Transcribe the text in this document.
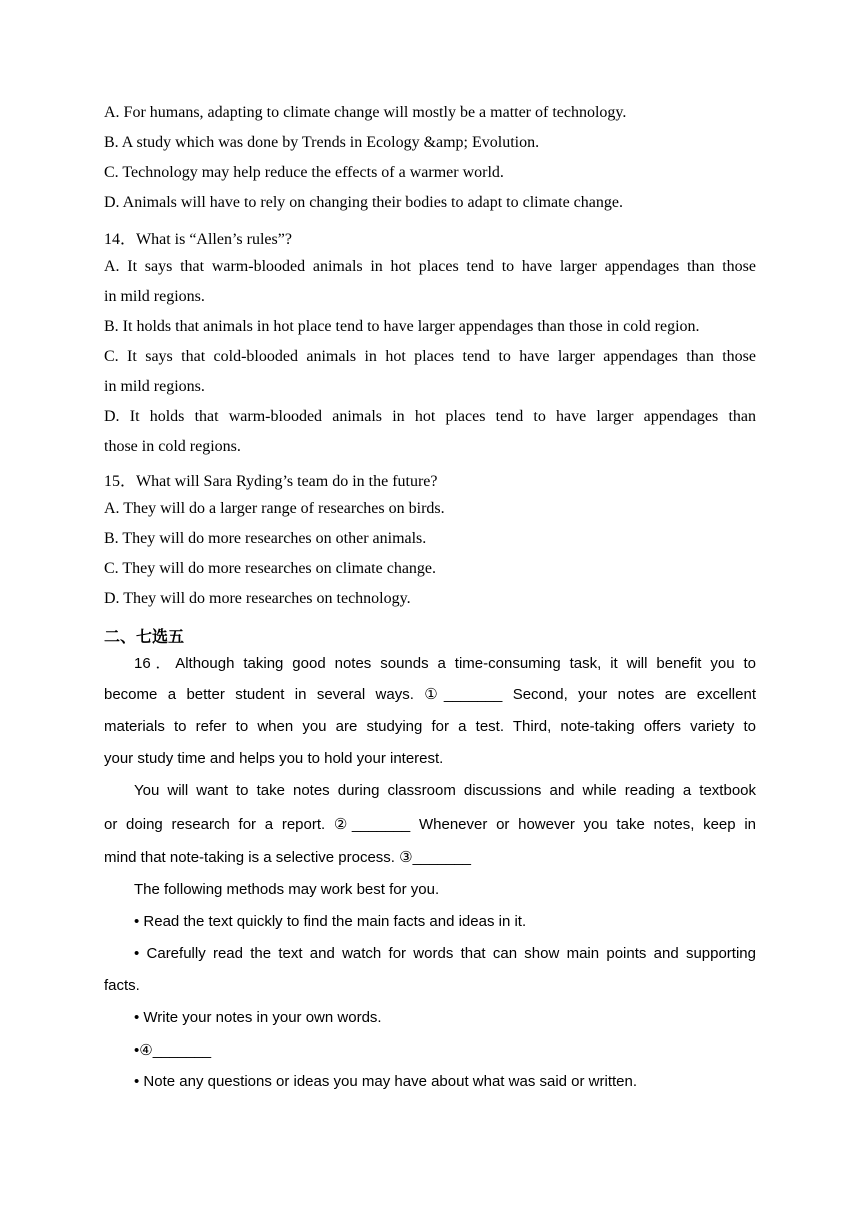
A. For humans, adapting to climate change will mostly be a matter of technology.
B. A study which was done by Trends in Ecology &amp; Evolution.
C. Technology may help reduce the effects of a warmer world.
D. Animals will have to rely on changing their bodies to adapt to climate change.
14．What is “Allen’s rules”?
A. It says that warm-blooded animals in hot places tend to have larger appendages than those
in mild regions.
B. It holds that animals in hot place tend to have larger appendages than those in cold region.
C. It says that cold-blooded animals in hot places tend to have larger appendages than those
in mild regions.
D. It holds that warm-blooded animals in hot places tend to have larger appendages than
those in cold regions.
15．What will Sara Ryding’s team do in the future?
A. They will do a larger range of researches on birds.
B. They will do more researches on other animals.
C. They will do more researches on climate change.
D. They will do more researches on technology.
二、七选五
16．Although taking good notes sounds a time-consuming task, it will benefit you to
become a better student in several ways. ①_______ Second, your notes are excellent
materials to refer to when you are studying for a test. Third, note-taking offers variety to
your study time and helps you to hold your interest.
You will want to take notes during classroom discussions and while reading a textbook
or doing research for a report. ②_______ Whenever or however you take notes, keep in
mind that note-taking is a selective process. ③_______
The following methods may work best for you.
• Read the text quickly to find the main facts and ideas in it.
• Carefully read the text and watch for words that can show main points and supporting
facts.
• Write your notes in your own words.
•④_______
• Note any questions or ideas you may have about what was said or written.
